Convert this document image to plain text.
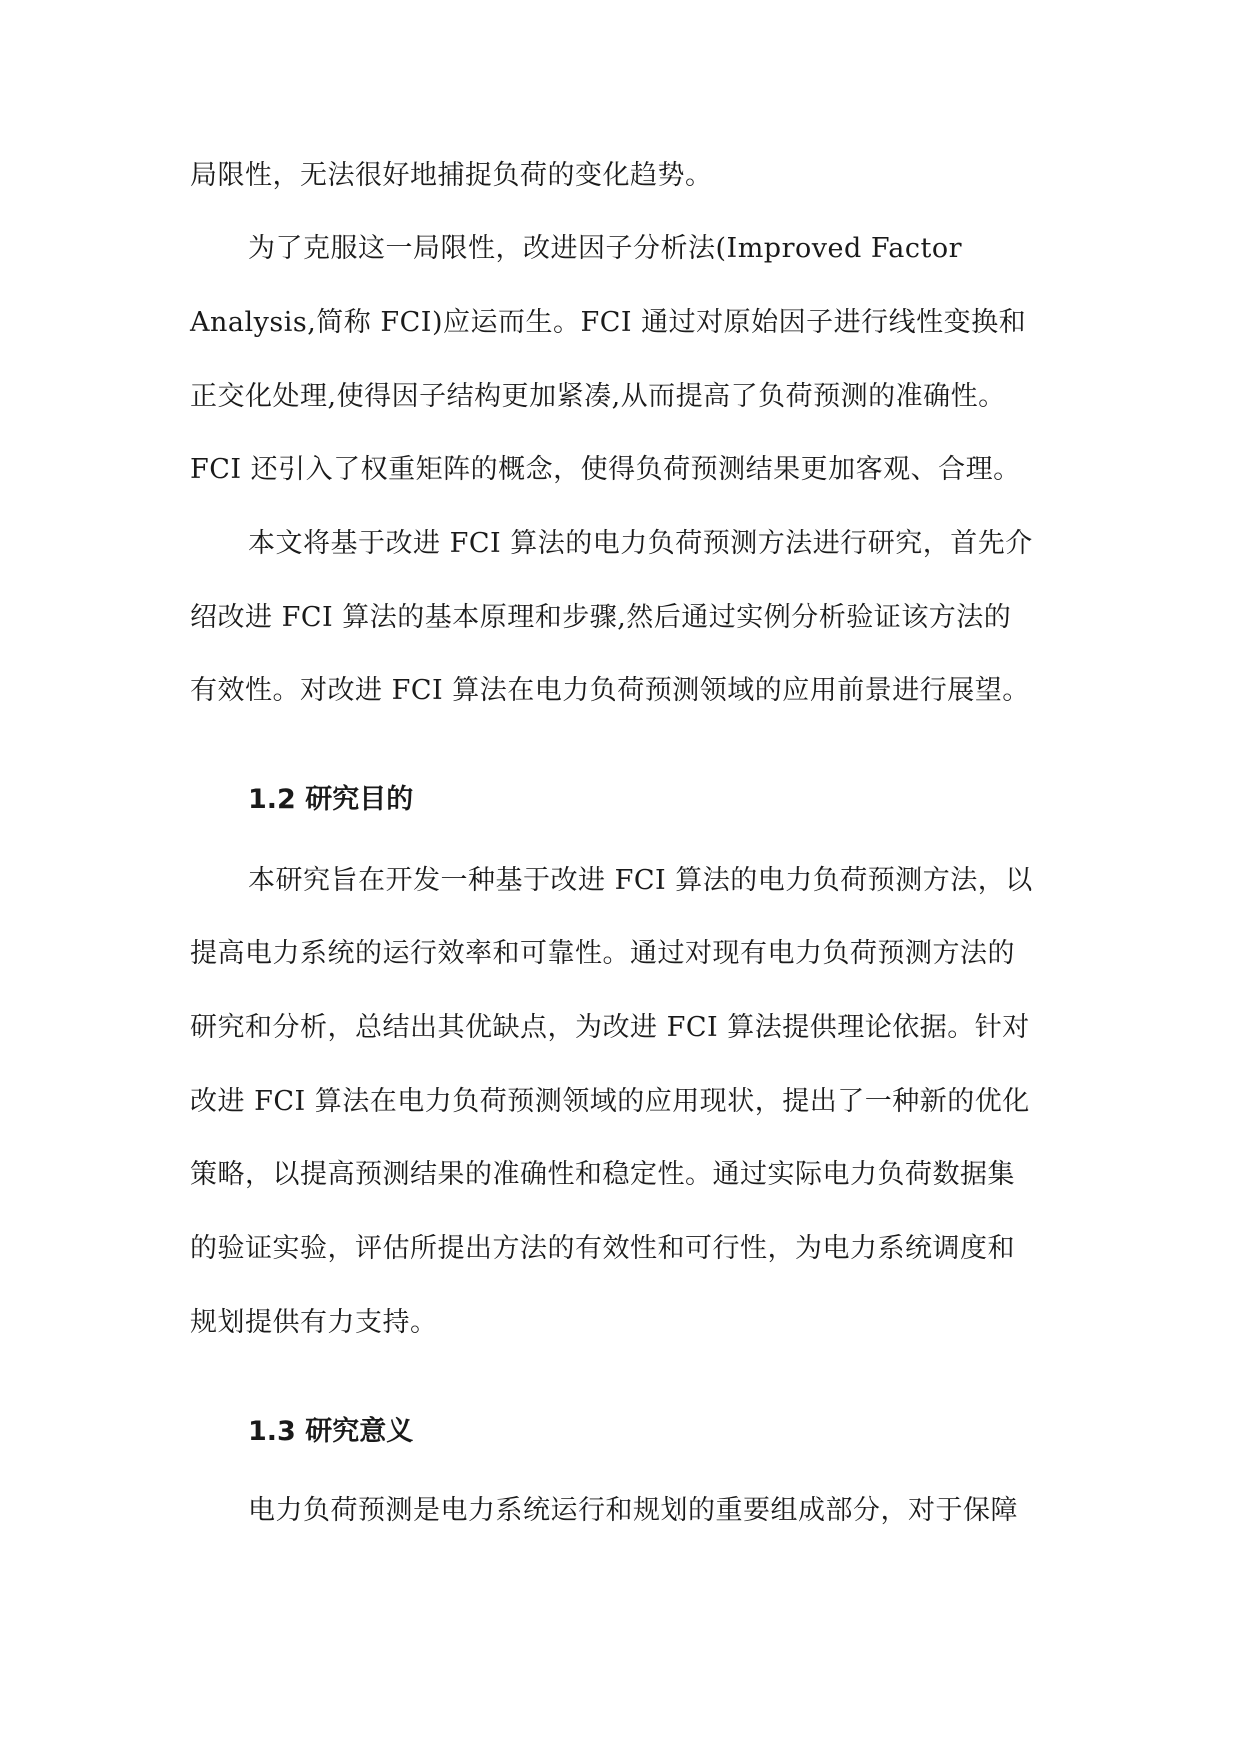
局限性，无法很好地捕捉负荷的变化趋势。
为了克服这一局限性，改进因子分析法(Improved Factor
Analysis,简称 FCI)应运而生。FCI 通过对原始因子进行线性变换和
正交化处理,使得因子结构更加紧凑,从而提高了负荷预测的准确性。
FCI 还引入了权重矩阵的概念，使得负荷预测结果更加客观、合理。
本文将基于改进 FCI 算法的电力负荷预测方法进行研究，首先介
绍改进 FCI 算法的基本原理和步骤,然后通过实例分析验证该方法的
有效性。对改进 FCI 算法在电力负荷预测领域的应用前景进行展望。
1.2 研究目的
本研究旨在开发一种基于改进 FCI 算法的电力负荷预测方法，以
提高电力系统的运行效率和可靠性。通过对现有电力负荷预测方法的
研究和分析，总结出其优缺点，为改进 FCI 算法提供理论依据。针对
改进 FCI 算法在电力负荷预测领域的应用现状，提出了一种新的优化
策略，以提高预测结果的准确性和稳定性。通过实际电力负荷数据集
的验证实验，评估所提出方法的有效性和可行性，为电力系统调度和
规划提供有力支持。
1.3 研究意义
电力负荷预测是电力系统运行和规划的重要组成部分，对于保障
